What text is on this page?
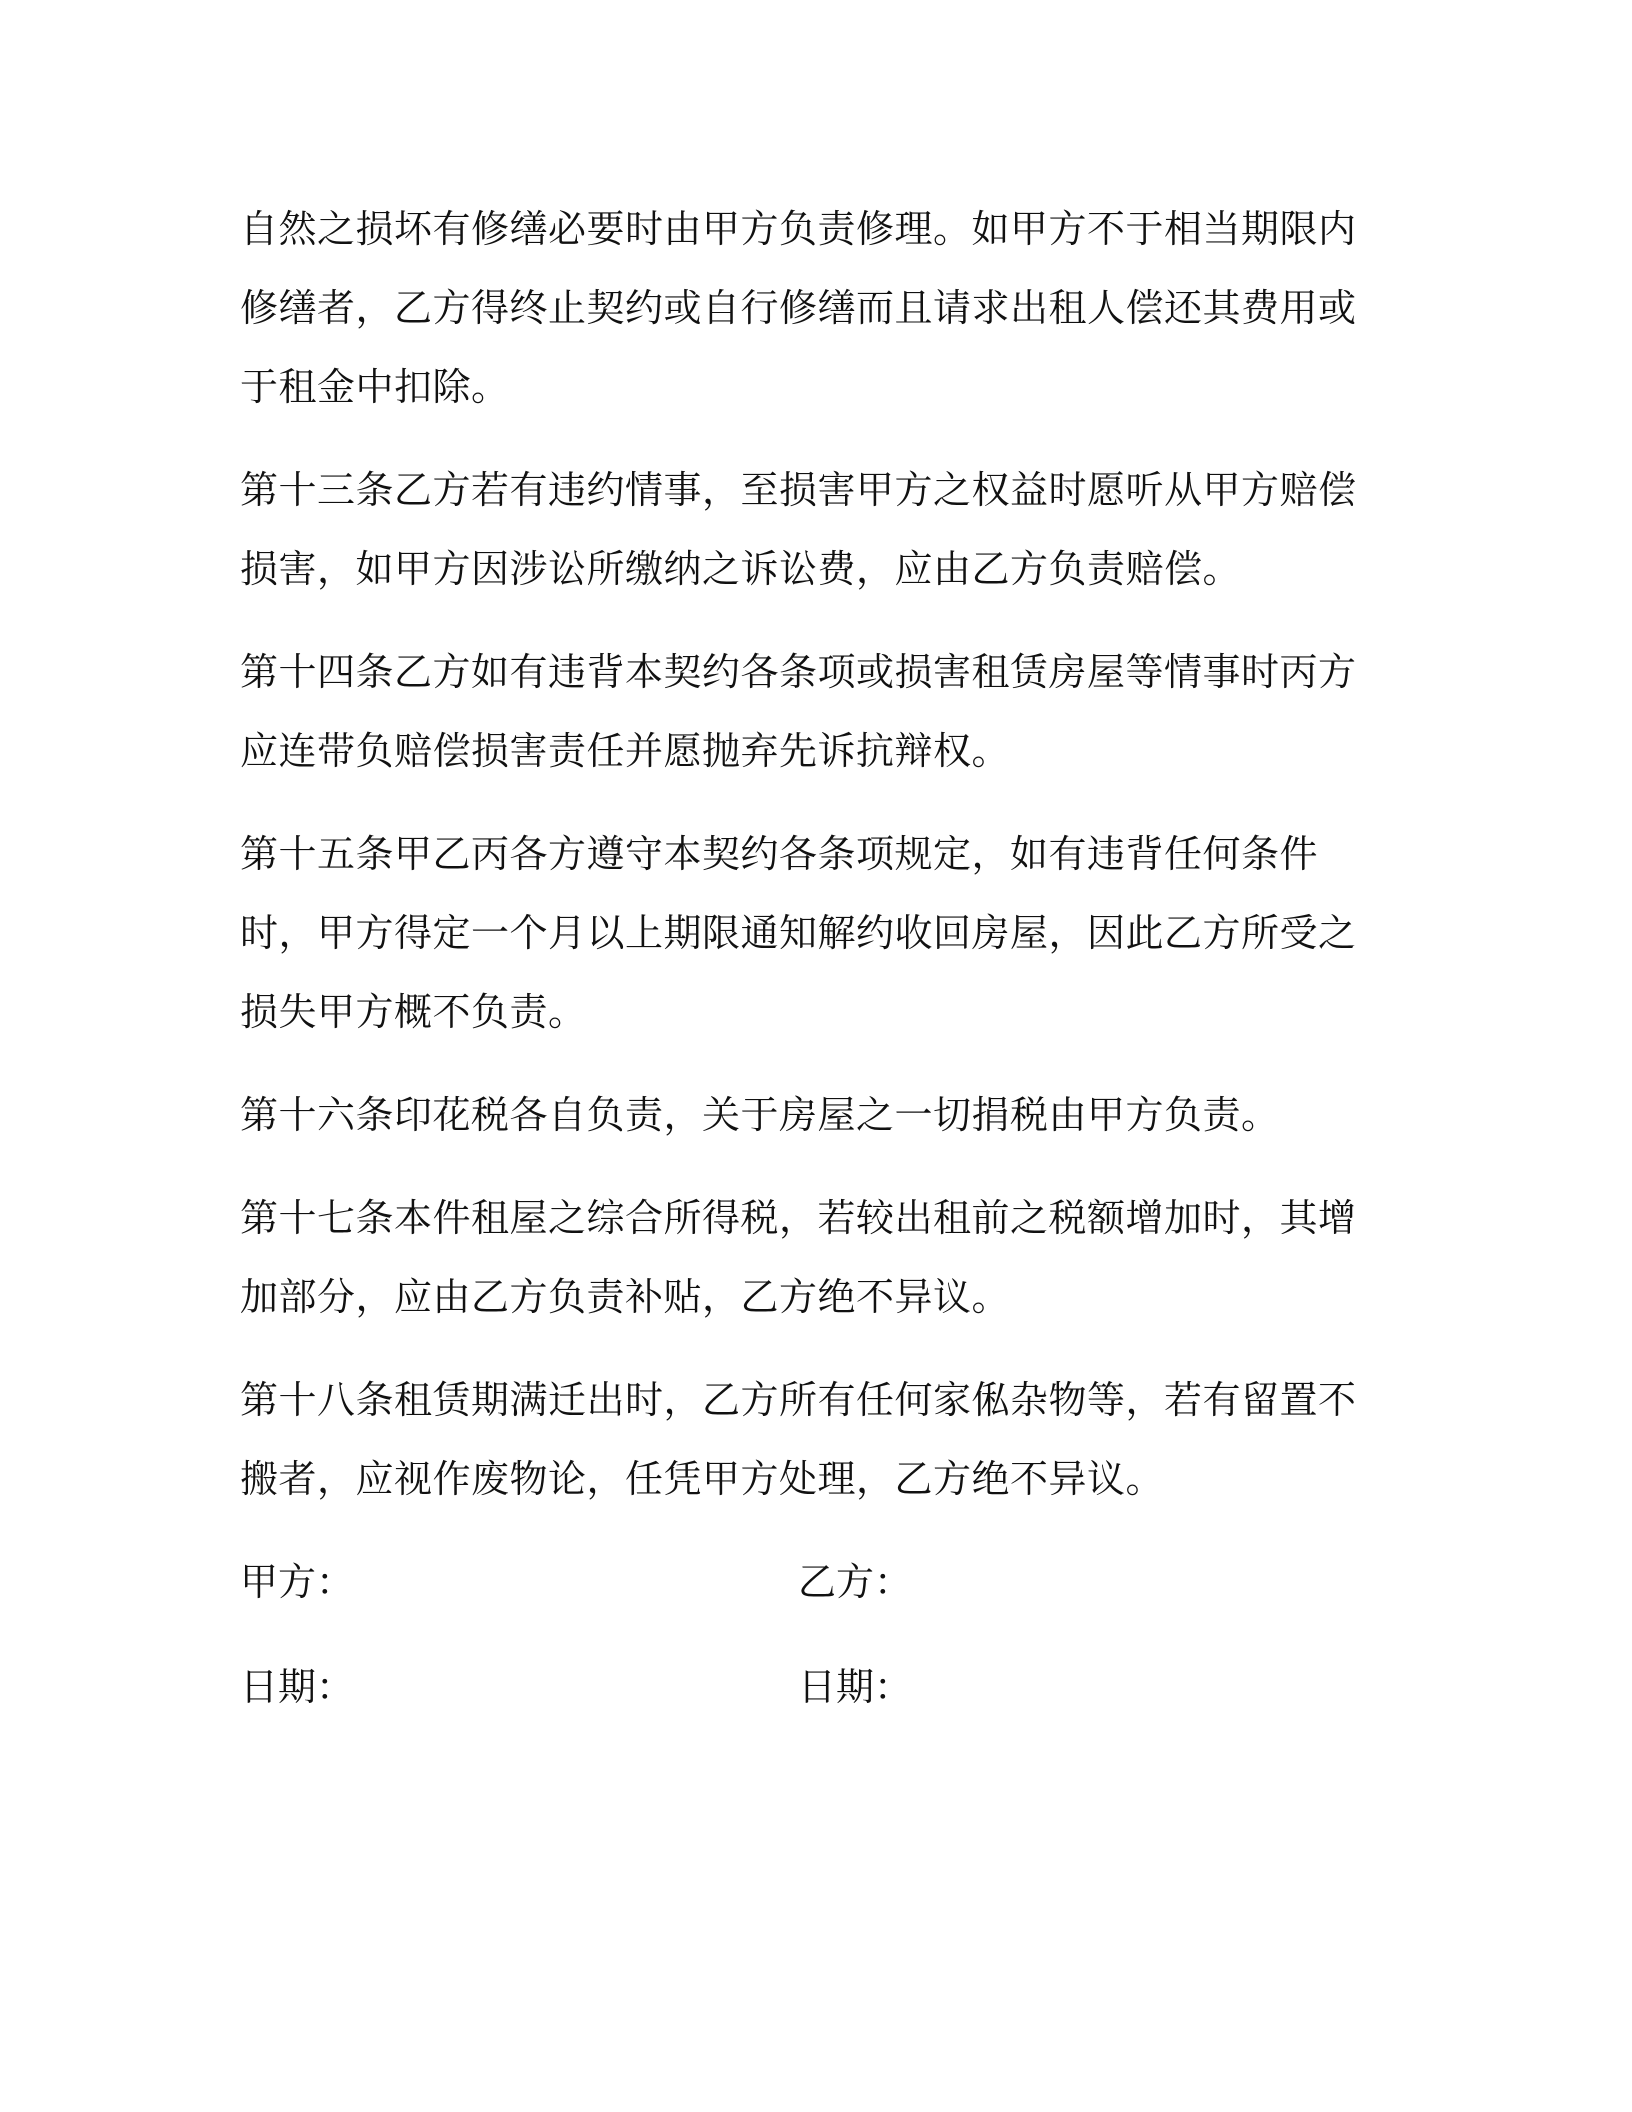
自然之损坏有修缮必要时由甲方负责修理。如甲方不于相当期限内修缮者，乙方得终止契约或自行修缮而且请求出租人偿还其费用或于租金中扣除。

第十三条乙方若有违约情事，至损害甲方之权益时愿听从甲方赔偿损害，如甲方因涉讼所缴纳之诉讼费，应由乙方负责赔偿。

第十四条乙方如有违背本契约各条项或损害租赁房屋等情事时丙方应连带负赔偿损害责任并愿抛弃先诉抗辩权。

第十五条甲乙丙各方遵守本契约各条项规定，如有违背任何条件时，甲方得定一个月以上期限通知解约收回房屋，因此乙方所受之损失甲方概不负责。

第十六条印花税各自负责，关于房屋之一切捐税由甲方负责。

第十七条本件租屋之综合所得税，若较出租前之税额增加时，其增加部分，应由乙方负责补贴，乙方绝不异议。

第十八条租赁期满迁出时，乙方所有任何家俬杂物等，若有留置不搬者，应视作废物论，任凭甲方处理，乙方绝不异议。

甲方：	乙方：
日期：	日期：
